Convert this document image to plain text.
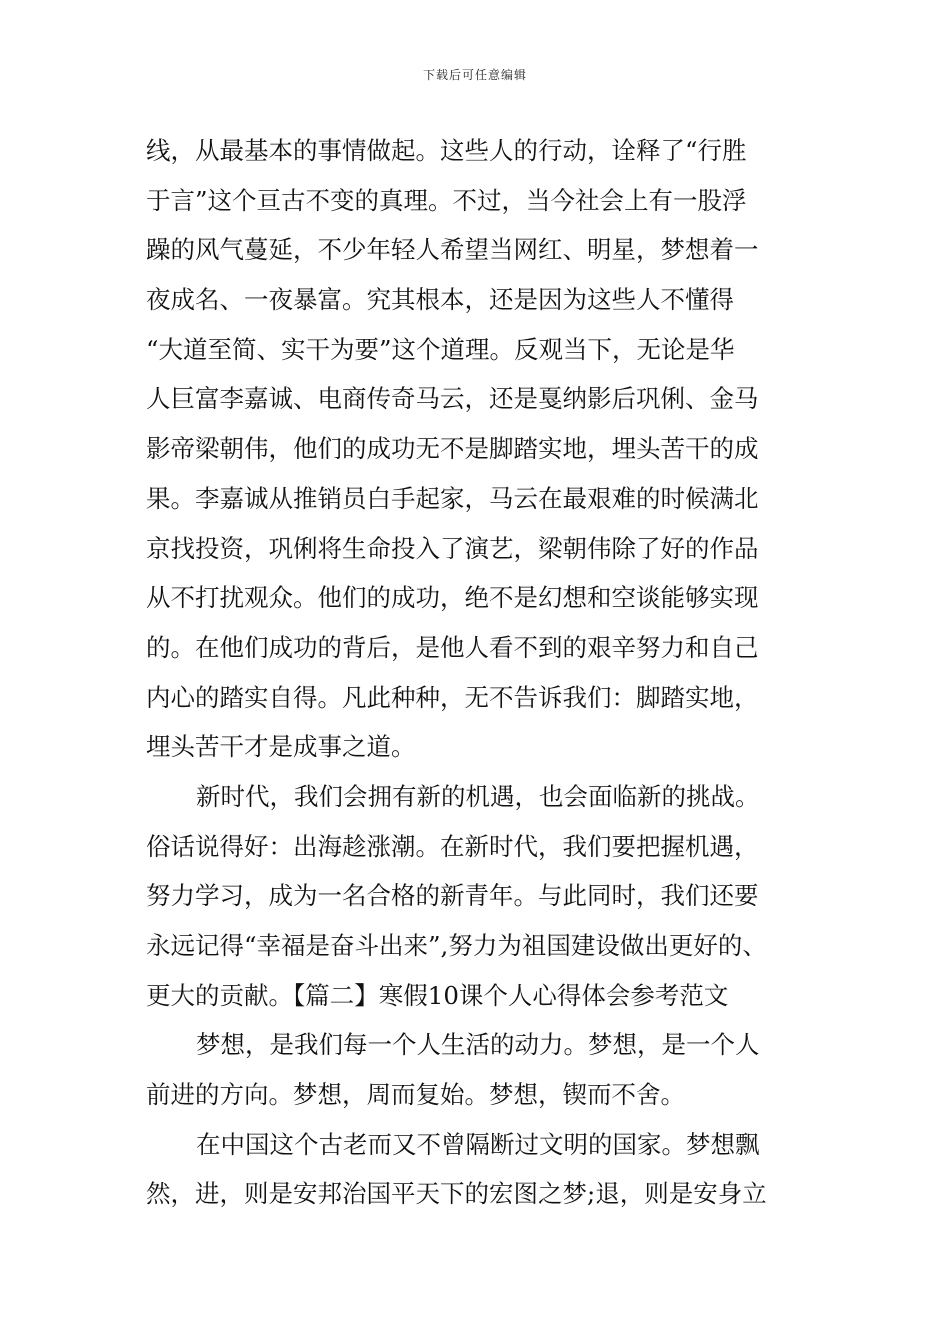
下载后可任意编辑
线，从最基本的事情做起。这些人的行动，诠释了“行胜
于言”这个亘古不变的真理。不过，当今社会上有一股浮
躁的风气蔓延，不少年轻人希望当网红、明星，梦想着一
夜成名、一夜暴富。究其根本，还是因为这些人不懂得
“大道至简、实干为要”这个道理。反观当下，无论是华
人巨富李嘉诚、电商传奇马云，还是戛纳影后巩俐、金马
影帝梁朝伟，他们的成功无不是脚踏实地，埋头苦干的成
果。李嘉诚从推销员白手起家，马云在最艰难的时候满北
京找投资，巩俐将生命投入了演艺，梁朝伟除了好的作品
从不打扰观众。他们的成功，绝不是幻想和空谈能够实现
的。在他们成功的背后，是他人看不到的艰辛努力和自己
内心的踏实自得。凡此种种，无不告诉我们：脚踏实地，
埋头苦干才是成事之道。
新时代，我们会拥有新的机遇，也会面临新的挑战。
俗话说得好：出海趁涨潮。在新时代，我们要把握机遇，
努力学习，成为一名合格的新青年。与此同时，我们还要
永远记得“幸福是奋斗出来”,努力为祖国建设做出更好的、
更大的贡献。【篇二】寒假10课个人心得体会参考范文
梦想，是我们每一个人生活的动力。梦想，是一个人
前进的方向。梦想，周而复始。梦想，锲而不舍。
在中国这个古老而又不曾隔断过文明的国家。梦想飘
然，进，则是安邦治国平天下的宏图之梦;退，则是安身立
